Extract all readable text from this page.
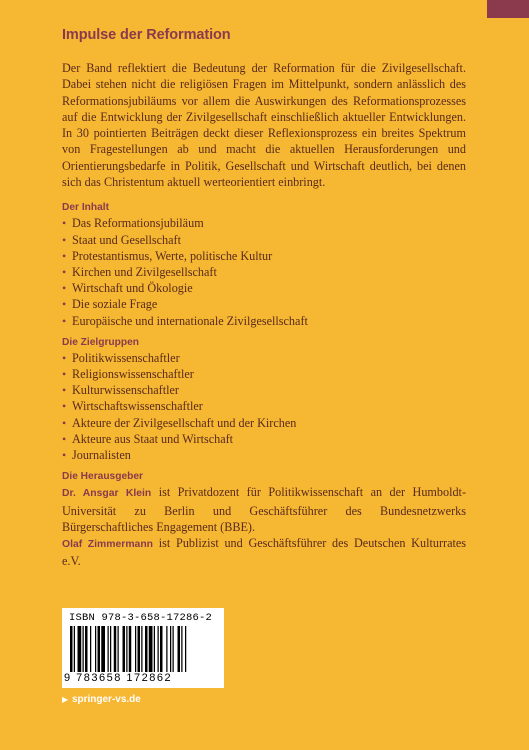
Impulse der Reformation

Der Band reflektiert die Bedeutung der Reformation für die Zivilgesellschaft. Dabei stehen nicht die religiösen Fragen im Mittelpunkt, sondern anlässlich des Reformationsjubiläums vor allem die Auswirkungen des Reformationsprozesses auf die Entwicklung der Zivilgesellschaft einschließlich aktueller Entwicklungen. In 30 pointierten Beiträgen deckt dieser Reflexionsprozess ein breites Spektrum von Fragestellungen ab und macht die aktuellen Herausforderungen und Orientierungsbedarfe in Politik, Gesellschaft und Wirtschaft deutlich, bei denen sich das Christentum aktuell werteorientiert einbringt.

Der Inhalt
• Das Reformationsjubiläum
• Staat und Gesellschaft
• Protestantismus, Werte, politische Kultur
• Kirchen und Zivilgesellschaft
• Wirtschaft und Ökologie
• Die soziale Frage
• Europäische und internationale Zivilgesellschaft
Die Zielgruppen
• Politikwissenschaftler
• Religionswissenschaftler
• Kulturwissenschaftler
• Wirtschaftswissenschaftler
• Akteure der Zivilgesellschaft und der Kirchen
• Akteure aus Staat und Wirtschaft
• Journalisten
Die Herausgeber

Dr. Ansgar Klein ist Privatdozent für Politikwissenschaft an der Humboldt-Universität zu Berlin und Geschäftsführer des Bundesnetzwerks Bürgerschaftliches Engagement (BBE).

Olaf Zimmermann ist Publizist und Geschäftsführer des Deutschen Kulturrates e.V.

ISBN 978-3-658-17286-2
9 783658 172862
▶ springer-vs.de
